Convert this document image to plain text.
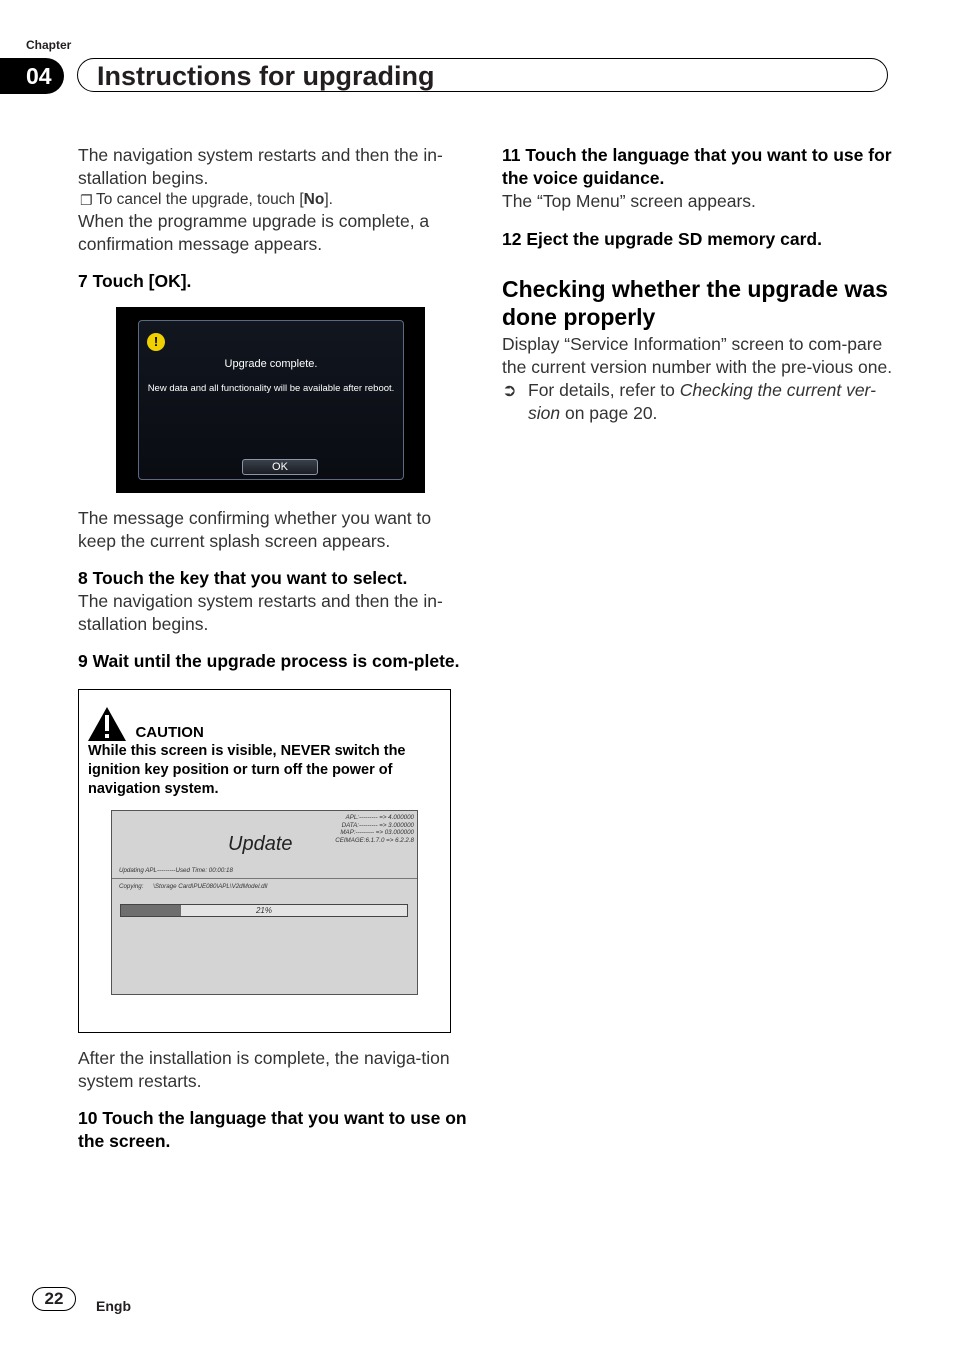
Chapter
04	Instructions for upgrading

The navigation system restarts and then the in-stallation begins.

❐ To cancel the upgrade, touch [No].

When the programme upgrade is complete, a confirmation message appears.

7 Touch [OK].

!
Upgrade complete.
New data and all functionality will be available after reboot.
OK

The message confirming whether you want to keep the current splash screen appears.

8 Touch the key that you want to select.

The navigation system restarts and then the in-stallation begins.

9 Wait until the upgrade process is com-plete.

CAUTION
While this screen is visible, NEVER switch the ignition key position or turn off the power of navigation system.
APL:--------- => 4.000000
DATA:--------- => 3.000000
MAP:--------- => 03.000000
CEIMAGE:6.1.7.0 => 6.2.2.8
Update
Updating APL---------Used Time: 00:00:18
Copying: \Storage Card\PUE080\APL\V2dModel.dll
21%

After the installation is complete, the naviga-tion system restarts.

10 Touch the language that you want to use on the screen.

11 Touch the language that you want to use for the voice guidance.

The “Top Menu” screen appears.

12 Eject the upgrade SD memory card.

Checking whether the upgrade was done properly

Display “Service Information” screen to com-pare the current version number with the pre-vious one.

➲ For details, refer to Checking the current ver-sion on page 20.

22	Engb
